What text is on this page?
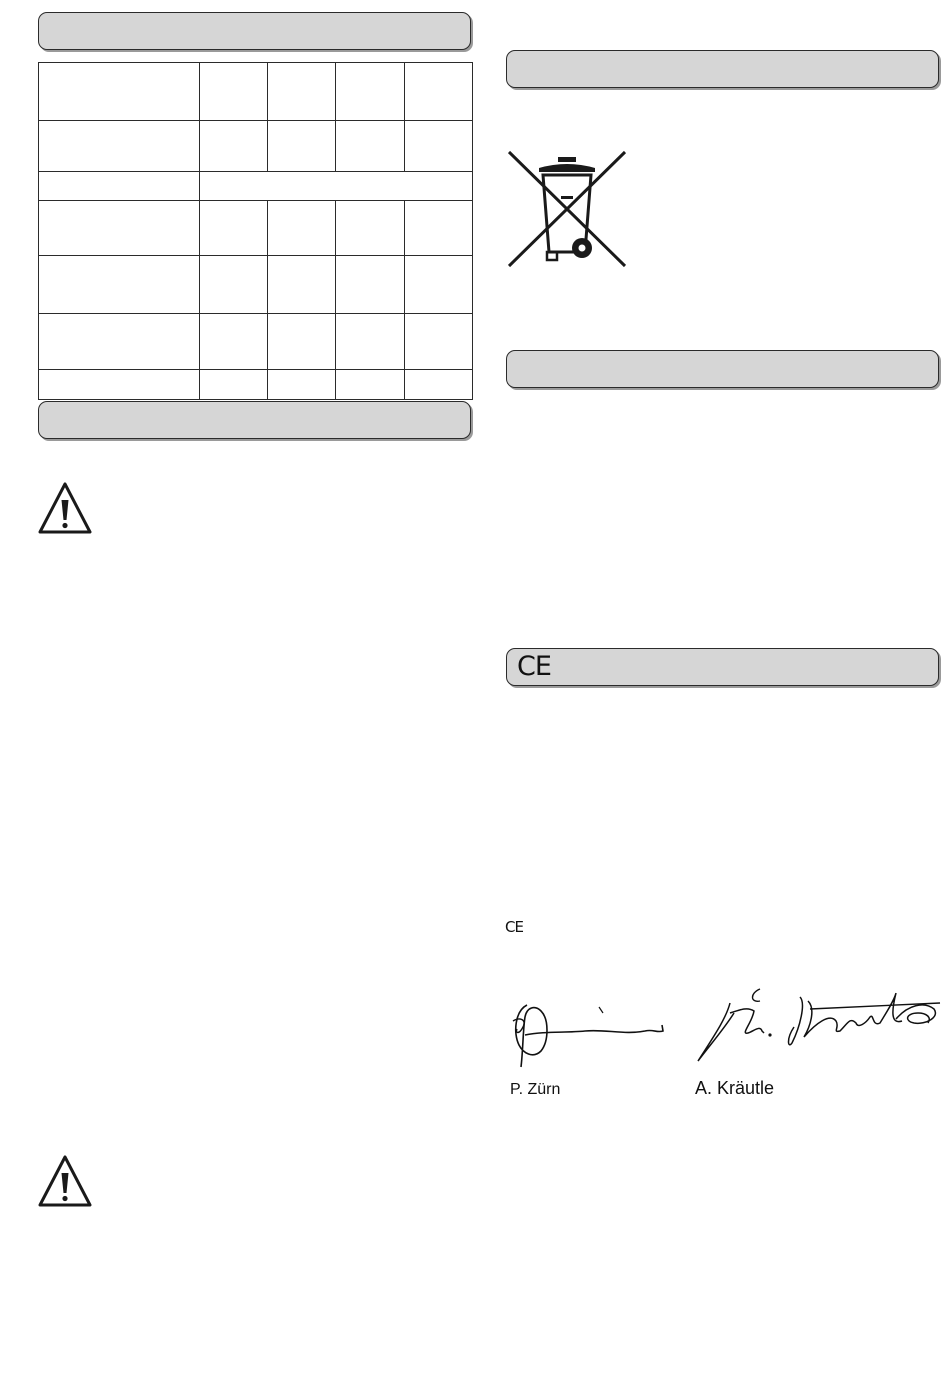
CE
CE
P. Zürn	A. Kräutle
